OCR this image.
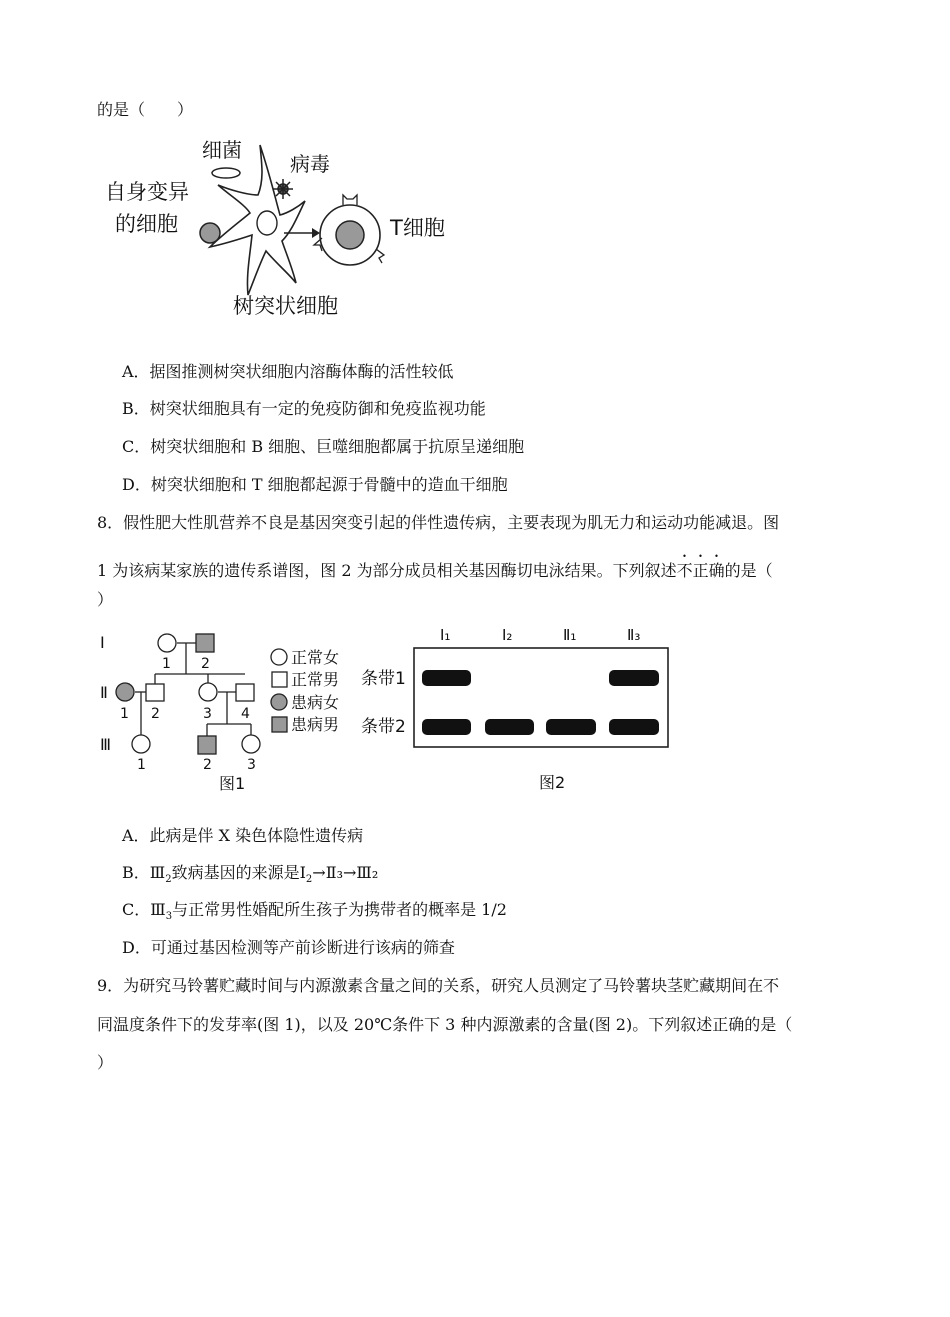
的是（　　）
细菌
病毒
自身变异
的细胞	T细胞
树突状细胞
A．据图推测树突状细胞内溶酶体酶的活性较低
B．树突状细胞具有一定的免疫防御和免疫监视功能
C．树突状细胞和 B 细胞、巨噬细胞都属于抗原呈递细胞
D．树突状细胞和 T 细胞都起源于骨髓中的造血干细胞
8．假性肥大性肌营养不良是基因突变引起的伴性遗传病，主要表现为肌无力和运动功能减退。图
1 为该病某家族的遗传系谱图，图 2 为部分成员相关基因酶切电泳结果。下列叙述不正确的是（
）
Ⅰ
Ⅱ
Ⅲ
1 2
1 2	3 4
1	2	3
图1
正常女
正常男
患病女
患病男
Ⅰ₁	Ⅰ₂	Ⅱ₁	Ⅱ₃
条带1
条带2
图2
A．此病是伴 X 染色体隐性遗传病
B．$Ⅲ_2$致病基因的来源是$Ⅰ_2\to Ⅱ_3\to Ⅲ_2$
C．$Ⅲ_3$与正常男性婚配所生孩子为携带者的概率是 1/2
D．可通过基因检测等产前诊断进行该病的筛查
9．为研究马铃薯贮藏时间与内源激素含量之间的关系，研究人员测定了马铃薯块茎贮藏期间在不
同温度条件下的发芽率(图 1)，以及 20℃条件下 3 种内源激素的含量(图 2)。下列叙述正确的是（
）
